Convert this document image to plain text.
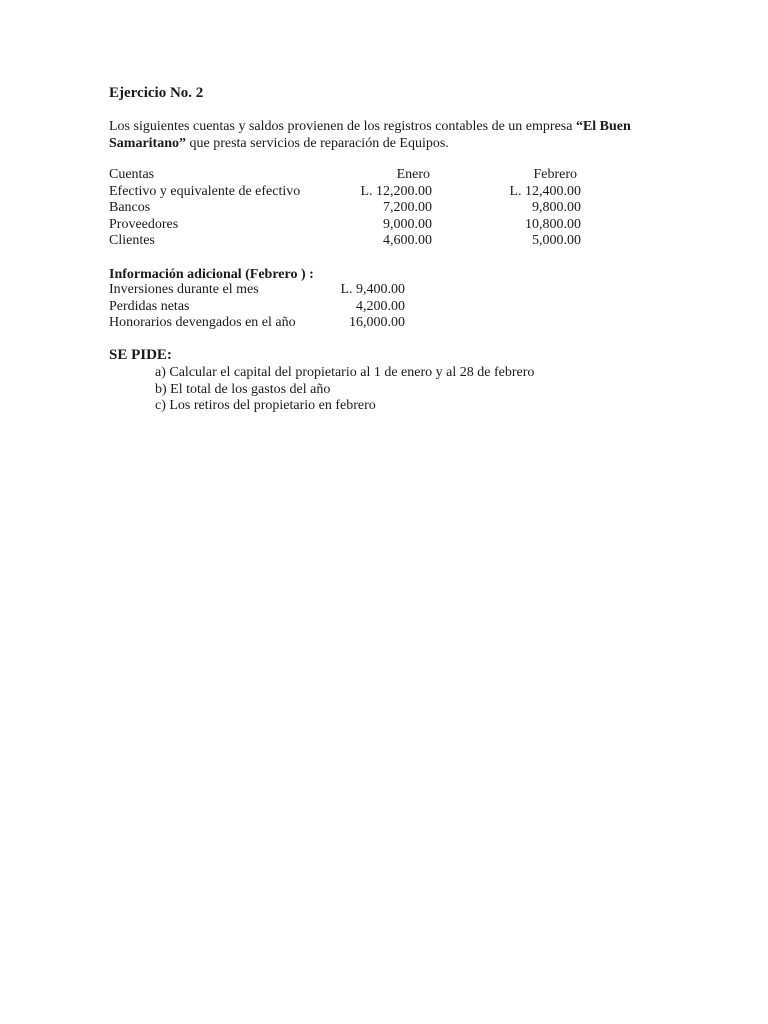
Ejercicio No. 2
Los siguientes cuentas y saldos provienen de los registros contables de un empresa “El Buen Samaritano” que presta servicios de reparación de Equipos.
Cuentas	Enero	Febrero
Efectivo y equivalente de efectivo	L. 12,200.00	L. 12,400.00
Bancos	7,200.00	9,800.00
Proveedores	9,000.00	10,800.00
Clientes	4,600.00	5,000.00
Información adicional (Febrero ) :
Inversiones durante el mes	L. 9,400.00
Perdidas netas	4,200.00
Honorarios devengados en el año	16,000.00
SE PIDE:
a) Calcular el capital del propietario al 1 de enero y al 28 de febrero
b) El total de los gastos del año
c) Los retiros del propietario en febrero
